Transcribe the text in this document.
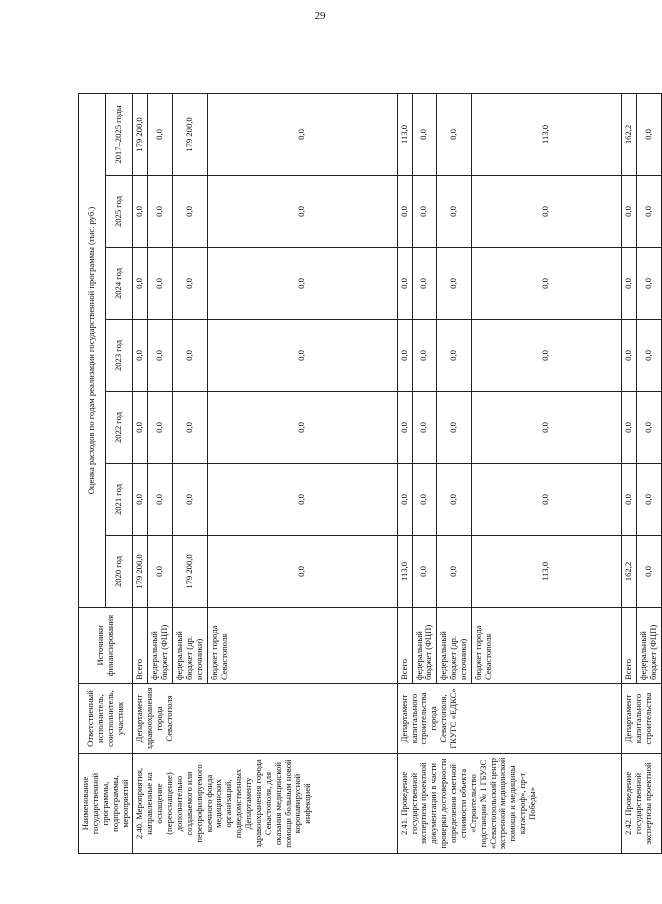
29
Наименование государственной программы, подпрограммы, мероприятий	Ответственный исполнитель, соисполнитель, участник	Источники финансирования	Оценка расходов по годам реализации государственной программы (тыс. руб.)						
			2020 год	2021 год	2022 год	2023 год	2024 год	2025 год	2017–2025 годы
2.40. Мероприятия, направленные на оснащение (переоснащение) дополнительно создаваемого или перепрофилируемого коечного фонда медицинских организаций, подведомственных Департаменту здравоохранения города Севастополя, для оказания медицинской помощи больным новой коронавирусной инфекцией	Департамент здравоохранения города Севастополя	Всего	179 200,0	0,0	0,0	0,0	0,0	0,0	179 200,0
		федеральный бюджет (ФЦП)	0,0	0,0	0,0	0,0	0,0	0,0	0,0
		федеральный бюджет (др. источники)	179 200,0	0,0	0,0	0,0	0,0	0,0	179 200,0
		бюджет города Севастополя	0,0	0,0	0,0	0,0	0,0	0,0	0,0
2.41. Проведение государственной экспертизы проектной документации в части проверки достоверности определения сметной стоимости объекта «Строительство подстанции № 1 ГБУЗС «Севастопольский центр экстренной медицинской помощи и медицины катастроф», пр-т Победы»	Департамент капитального строительства города Севастополя, ГКУГС «ЕДКС»	Всего	113,0	0,0	0,0	0,0	0,0	0,0	113,0
		федеральный бюджет (ФЦП)	0,0	0,0	0,0	0,0	0,0	0,0	0,0
		федеральный бюджет (др. источники)	0,0	0,0	0,0	0,0	0,0	0,0	0,0
		бюджет города Севастополя	113,0	0,0	0,0	0,0	0,0	0,0	113,0
2.42. Проведение государственной экспертизы проектной	Департамент капитального строительства	Всего	162,2	0,0	0,0	0,0	0,0	0,0	162,2
		федеральный бюджет (ФЦП)	0,0	0,0	0,0	0,0	0,0	0,0	0,0
